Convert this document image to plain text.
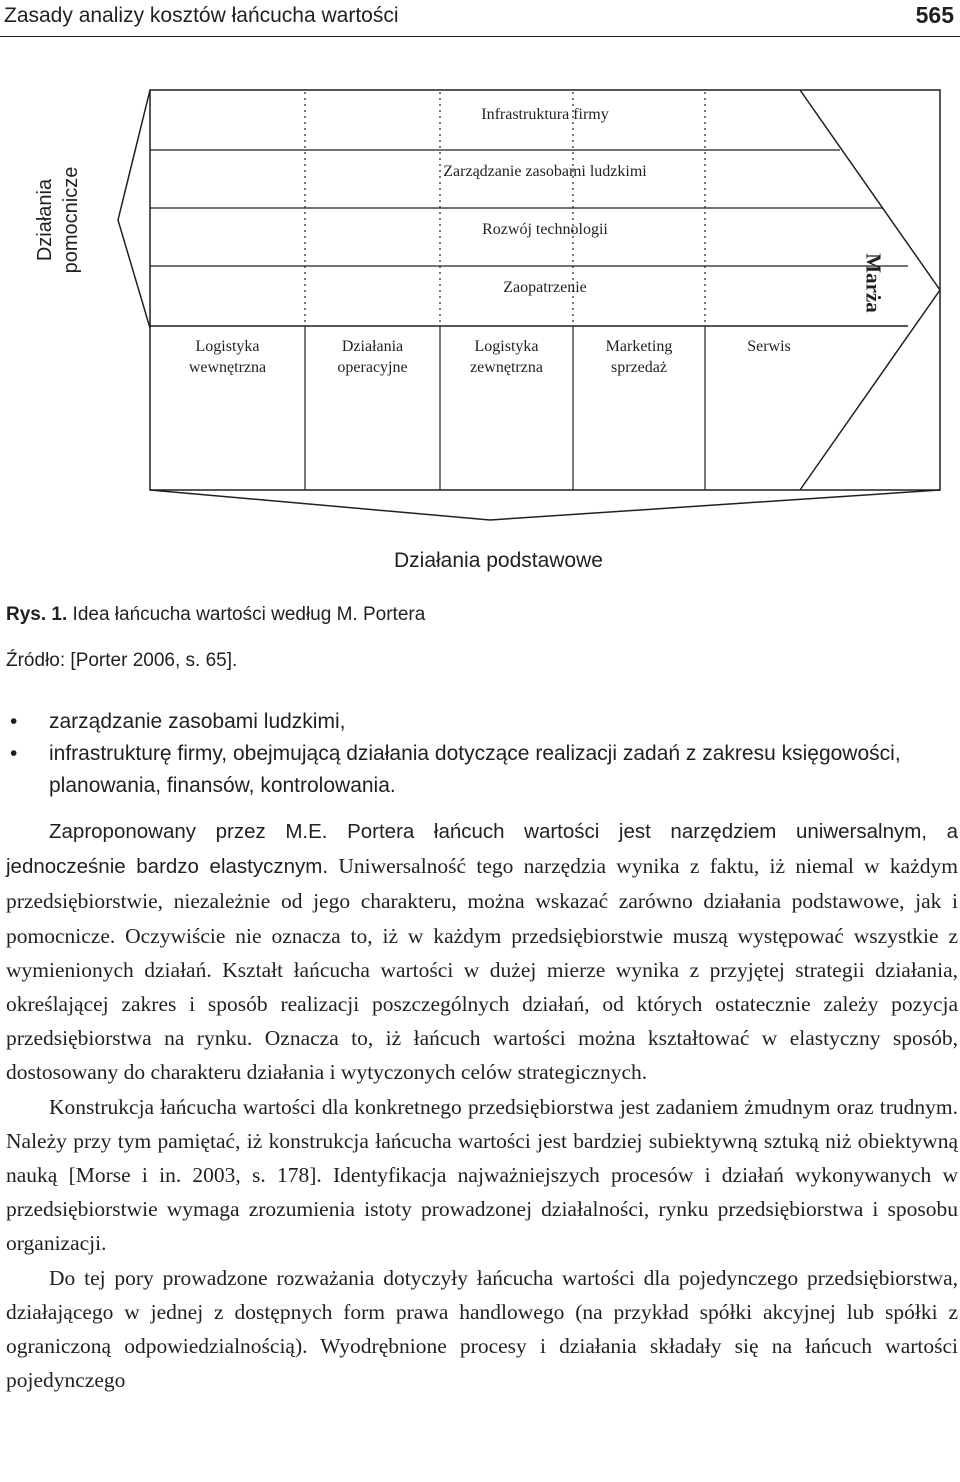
Zasady analizy kosztów łańcucha wartości	565
Działania pomocnicze
Infrastruktura firmy
Zarządzanie zasobami ludzkimi
Rozwój technologii
Zaopatrzenie
Logistyka
wewnętrzna
Działania
operacyjne
Logistyka
zewnętrzna
Marketing
sprzedaż
Serwis
Marża
Działania podstawowe
Rys. 1. Idea łańcucha wartości według M. Portera
Źródło: [Porter 2006, s. 65].
• zarządzanie zasobami ludzkimi,
• infrastrukturę firmy, obejmującą działania dotyczące realizacji zadań z zakresu księgowości, planowania, finansów, kontrolowania.

Zaproponowany przez M.E. Portera łańcuch wartości jest narzędziem uniwersalnym, a jednocześnie bardzo elastycznym. Uniwersalność tego narzędzia wynika z faktu, iż niemal w każdym przedsiębiorstwie, niezależnie od jego charakteru, można wskazać zarówno działania podstawowe, jak i pomocnicze. Oczywiście nie oznacza to, iż w każdym przedsiębiorstwie muszą występować wszystkie z wymienionych działań. Kształt łańcucha wartości w dużej mierze wynika z przyjętej strategii działania, określającej zakres i sposób realizacji poszczególnych działań, od których ostatecznie zależy pozycja przedsiębiorstwa na rynku. Oznacza to, iż łańcuch wartości można kształtować w elastyczny sposób, dostosowany do charakteru działania i wytyczonych celów strategicznych.

Konstrukcja łańcucha wartości dla konkretnego przedsiębiorstwa jest zadaniem żmudnym oraz trudnym. Należy przy tym pamiętać, iż konstrukcja łańcucha wartości jest bardziej subiektywną sztuką niż obiektywną nauką [Morse i in. 2003, s. 178]. Identyfikacja najważniejszych procesów i działań wykonywanych w przedsiębiorstwie wymaga zrozumienia istoty prowadzonej działalności, rynku przedsiębiorstwa i sposobu organizacji.

Do tej pory prowadzone rozważania dotyczyły łańcucha wartości dla pojedynczego przedsiębiorstwa, działającego w jednej z dostępnych form prawa handlowego (na przykład spółki akcyjnej lub spółki z ograniczoną odpowiedzialnością). Wyodrębnione procesy i działania składały się na łańcuch wartości pojedynczego
